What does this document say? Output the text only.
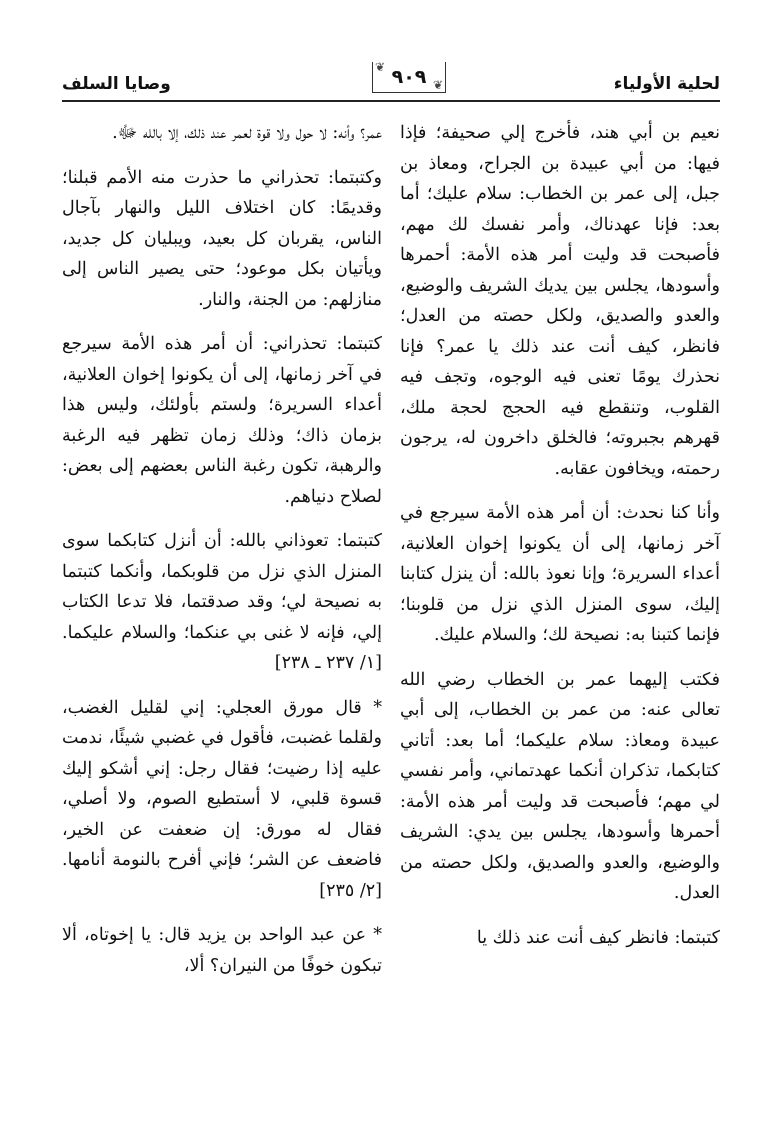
لحلية الأولياء
❦ ٩٠٩ ❦
وصايا السلف

نعيم بن أبي هند، فأخرج إلي صحيفة؛ فإذا فيها: من أبي عبيدة بن الجراح، ومعاذ بن جبل، إلى عمر بن الخطاب: سلام عليك؛ أما بعد: فإنا عهدناك، وأمر نفسك لك مهم، فأصبحت قد وليت أمر هذه الأمة: أحمرها وأسودها، يجلس بين يديك الشريف والوضيع، والعدو والصديق، ولكل حصته من العدل؛ فانظر، كيف أنت عند ذلك يا عمر؟ فإنا نحذرك يومًا تعنى فيه الوجوه، وتجف فيه القلوب، وتنقطع فيه الحجج لحجة ملك، قهرهم بجبروته؛ فالخلق داخرون له، يرجون رحمته، ويخافون عقابه.

وأنا كنا نحدث: أن أمر هذه الأمة سيرجع في آخر زمانها، إلى أن يكونوا إخوان العلانية، أعداء السريرة؛ وإنا نعوذ بالله: أن ينزل كتابنا إليك، سوى المنزل الذي نزل من قلوبنا؛ فإنما كتبنا به: نصيحة لك؛ والسلام عليك.

فكتب إليهما عمر بن الخطاب رضي الله تعالى عنه: من عمر بن الخطاب، إلى أبي عبيدة ومعاذ: سلام عليكما؛ أما بعد: أتاني كتابكما، تذكران أنكما عهدتماني، وأمر نفسي لي مهم؛ فأصبحت قد وليت أمر هذه الأمة: أحمرها وأسودها، يجلس بين يدي: الشريف والوضيع، والعدو والصديق، ولكل حصته من العدل.

كتبتما: فانظر كيف أنت عند ذلك يا

عمر؟ وأنه: لا حول ولا قوة لعمر عند ذلك، إلا بالله ﷻ.

وكتبتما: تحذراني ما حذرت منه الأمم قبلنا؛ وقديمًا: كان اختلاف الليل والنهار بآجال الناس، يقربان كل بعيد، ويبليان كل جديد، ويأتيان بكل موعود؛ حتى يصير الناس إلى منازلهم: من الجنة، والنار.

كتبتما: تحذراني: أن أمر هذه الأمة سيرجع في آخر زمانها، إلى أن يكونوا إخوان العلانية، أعداء السريرة؛ ولستم بأولئك، وليس هذا بزمان ذاك؛ وذلك زمان تظهر فيه الرغبة والرهبة، تكون رغبة الناس بعضهم إلى بعض: لصلاح دنياهم.

كتبتما: تعوذاني بالله: أن أنزل كتابكما سوى المنزل الذي نزل من قلوبكما، وأنكما كتبتما به نصيحة لي؛ وقد صدقتما، فلا تدعا الكتاب إلي، فإنه لا غنى بي عنكما؛ والسلام عليكما. [١/ ٢٣٧ ـ ٢٣٨]

* قال مورق العجلي: إني لقليل الغضب، ولقلما غضبت، فأقول في غضبي شيئًا، ندمت عليه إذا رضيت؛ فقال رجل: إني أشكو إليك قسوة قلبي، لا أستطيع الصوم، ولا أصلي، فقال له مورق: إن ضعفت عن الخير، فاضعف عن الشر؛ فإني أفرح بالنومة أنامها. [٢/ ٢٣٥]

* عن عبد الواحد بن يزيد قال: يا إخوتاه، ألا تبكون خوفًا من النيران؟ ألا،
